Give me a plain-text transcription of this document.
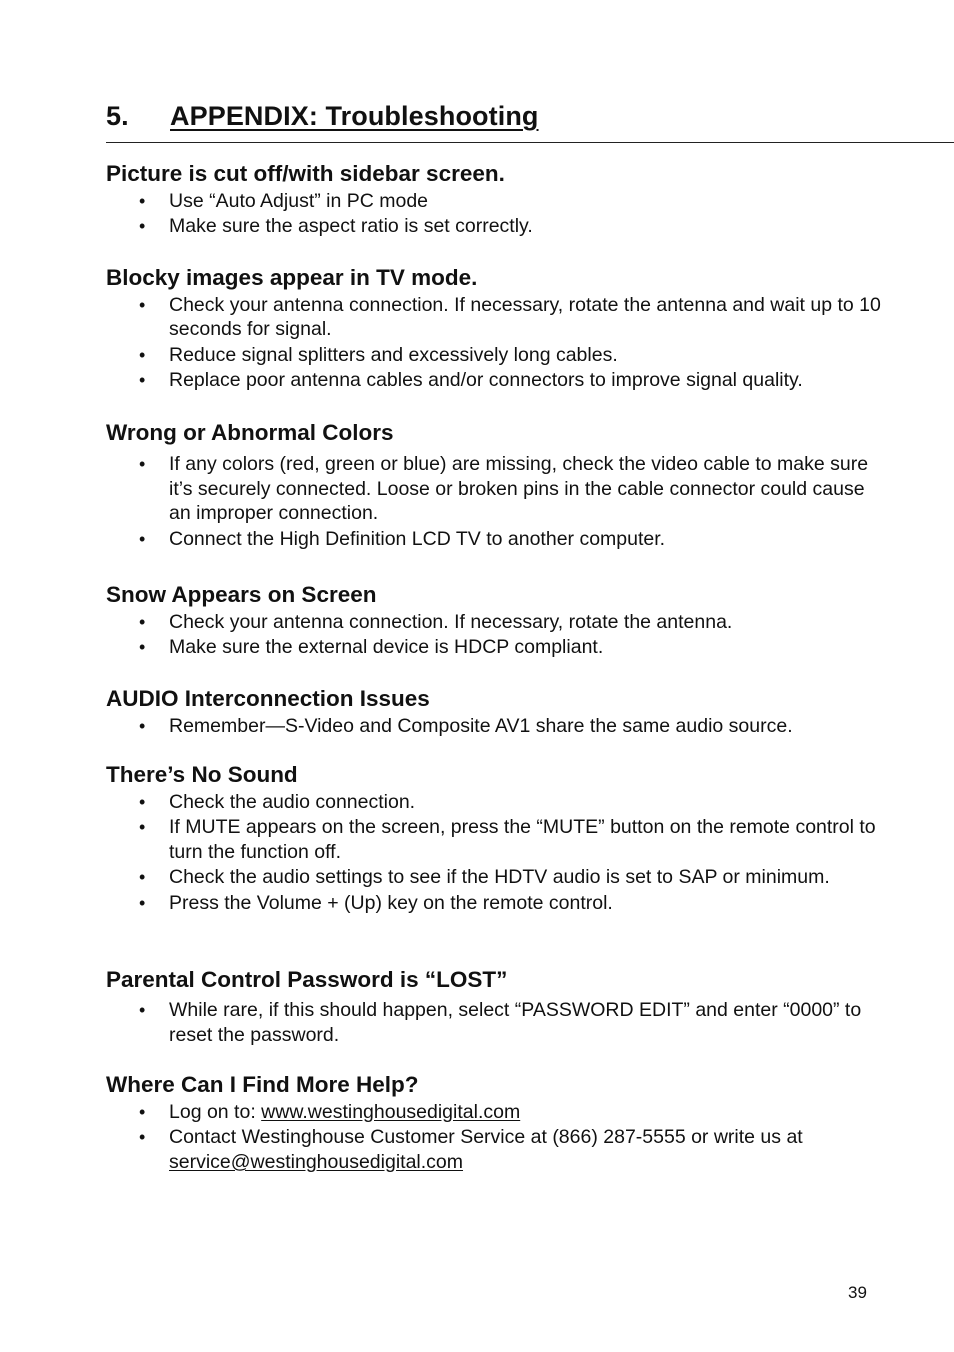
5. APPENDIX: Troubleshooting
Picture is cut off/with sidebar screen.
• Use “Auto Adjust” in PC mode
• Make sure the aspect ratio is set correctly.
Blocky images appear in TV mode.
• Check your antenna connection. If necessary, rotate the antenna and wait up to 10 seconds for signal.
• Reduce signal splitters and excessively long cables.
• Replace poor antenna cables and/or connectors to improve signal quality.
Wrong or Abnormal Colors
• If any colors (red, green or blue) are missing, check the video cable to make sure it’s securely connected. Loose or broken pins in the cable connector could cause an improper connection.
• Connect the High Definition LCD TV to another computer.
Snow Appears on Screen
• Check your antenna connection. If necessary, rotate the antenna.
• Make sure the external device is HDCP compliant.
AUDIO Interconnection Issues
• Remember—S-Video and Composite AV1 share the same audio source.
There’s No Sound
• Check the audio connection.
• If MUTE appears on the screen, press the “MUTE” button on the remote control to turn the function off.
• Check the audio settings to see if the HDTV audio is set to SAP or minimum.
• Press the Volume + (Up) key on the remote control.
Parental Control Password is “LOST”
• While rare, if this should happen, select “PASSWORD EDIT” and enter “0000” to reset the password.
Where Can I Find More Help?
• Log on to: www.westinghousedigital.com
• Contact Westinghouse Customer Service at (866) 287-5555 or write us at service@westinghousedigital.com
39
